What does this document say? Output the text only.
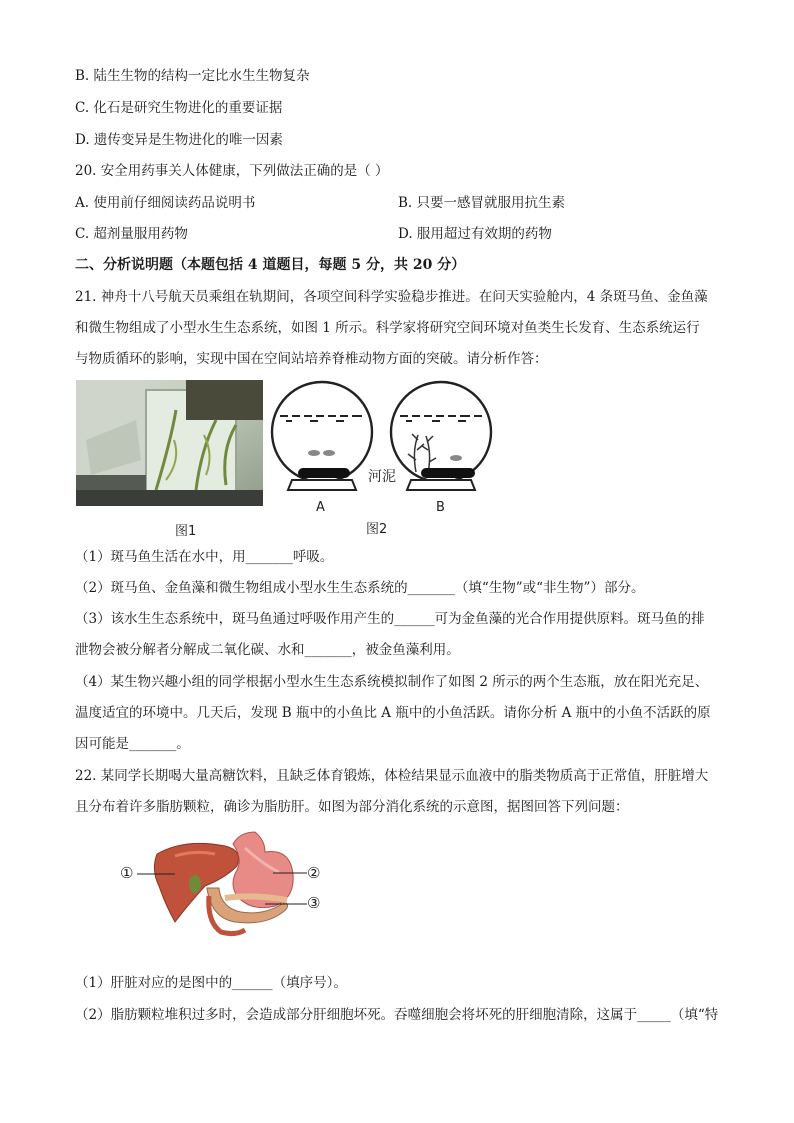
B. 陆生生物的结构一定比水生生物复杂
C. 化石是研究生物进化的重要证据
D. 遗传变异是生物进化的唯一因素
20. 安全用药事关人体健康，下列做法正确的是（ ）
A. 使用前仔细阅读药品说明书	B. 只要一感冒就服用抗生素
C. 超剂量服用药物	D. 服用超过有效期的药物
二、分析说明题（本题包括 4 道题目，每题 5 分，共 20 分）
21. 神舟十八号航天员乘组在轨期间，各项空间科学实验稳步推进。在问天实验舱内，4 条斑马鱼、金鱼藻
和微生物组成了小型水生生态系统，如图 1 所示。科学家将研究空间环境对鱼类生长发育、生态系统运行
与物质循环的影响，实现中国在空间站培养脊椎动物方面的突破。请分析作答：
图1
河泥
A	B
图2
（1）斑马鱼生活在水中，用_______呼吸。
（2）斑马鱼、金鱼藻和微生物组成小型水生生态系统的_______（填“生物”或“非生物”）部分。
（3）该水生生态系统中，斑马鱼通过呼吸作用产生的______可为金鱼藻的光合作用提供原料。斑马鱼的排
泄物会被分解者分解成二氧化碳、水和_______，被金鱼藻利用。
（4）某生物兴趣小组的同学根据小型水生生态系统模拟制作了如图 2 所示的两个生态瓶，放在阳光充足、
温度适宜的环境中。几天后，发现 B 瓶中的小鱼比 A 瓶中的小鱼活跃。请你分析 A 瓶中的小鱼不活跃的原
因可能是_______。
22. 某同学长期喝大量高糖饮料，且缺乏体育锻炼，体检结果显示血液中的脂类物质高于正常值，肝脏增大
且分布着许多脂肪颗粒，确诊为脂肪肝。如图为部分消化系统的示意图，据图回答下列问题：
①	②
③
（1）肝脏对应的是图中的______（填序号）。
（2）脂肪颗粒堆积过多时，会造成部分肝细胞坏死。吞噬细胞会将坏死的肝细胞清除，这属于_____（填“特
